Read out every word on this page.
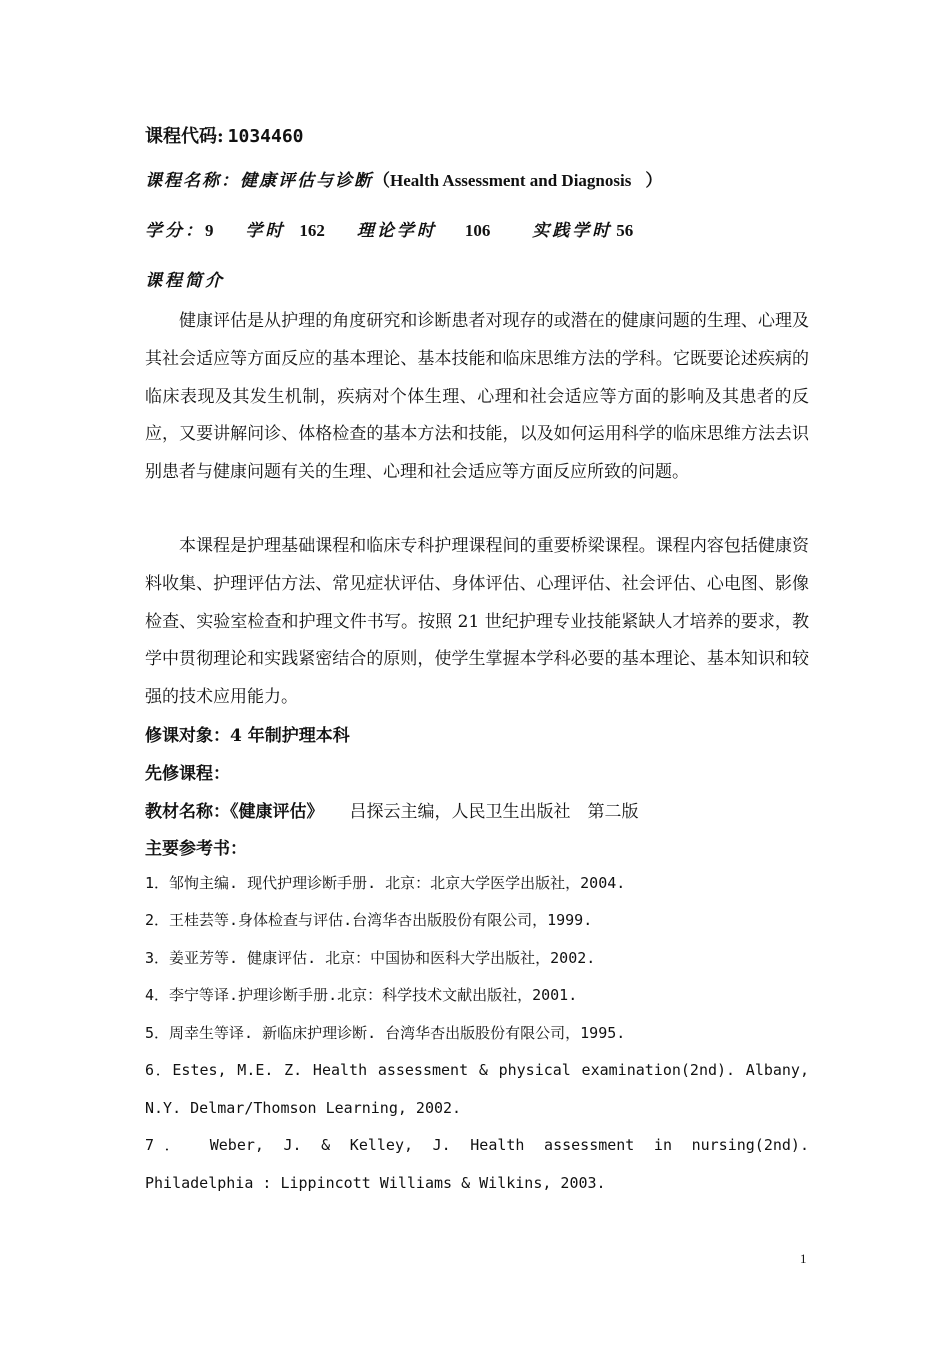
课程代码: 1034460
课程名称：健康评估与诊断（Health Assessment and Diagnosis ）
学分：9 学时 162 理论学时 106 实践学时 56
课程简介

健康评估是从护理的角度研究和诊断患者对现存的或潜在的健康问题的生理、心理及其社会适应等方面反应的基本理论、基本技能和临床思维方法的学科。它既要论述疾病的临床表现及其发生机制，疾病对个体生理、心理和社会适应等方面的影响及其患者的反应，又要讲解问诊、体格检查的基本方法和技能，以及如何运用科学的临床思维方法去识别患者与健康问题有关的生理、心理和社会适应等方面反应所致的问题。

本课程是护理基础课程和临床专科护理课程间的重要桥梁课程。课程内容包括健康资料收集、护理评估方法、常见症状评估、身体评估、心理评估、社会评估、心电图、影像检查、实验室检查和护理文件书写。按照 21 世纪护理专业技能紧缺人才培养的要求，教学中贯彻理论和实践紧密结合的原则，使学生掌握本学科必要的基本理论、基本知识和较强的技术应用能力。

修课对象：4 年制护理本科
先修课程：
教材名称：《健康评估》 吕探云主编，人民卫生出版社　第二版
主要参考书：
1．邹恂主编. 现代护理诊断手册. 北京：北京大学医学出版社，2004.
2．王桂芸等.身体检查与评估.台湾华杏出版股份有限公司，1999.
3．姜亚芳等. 健康评估. 北京：中国协和医科大学出版社，2002.
4．李宁等译.护理诊断手册.北京：科学技术文献出版社，2001.
5．周幸生等译. 新临床护理诊断. 台湾华杏出版股份有限公司，1995.
6．Estes, M.E. Z. Health assessment & physical examination(2nd). Albany,
N.Y. Delmar/Thomson Learning, 2002.
7． Weber, J. & Kelley, J. Health assessment in nursing(2nd).
Philadelphia : Lippincott Williams & Wilkins, 2003.
1
